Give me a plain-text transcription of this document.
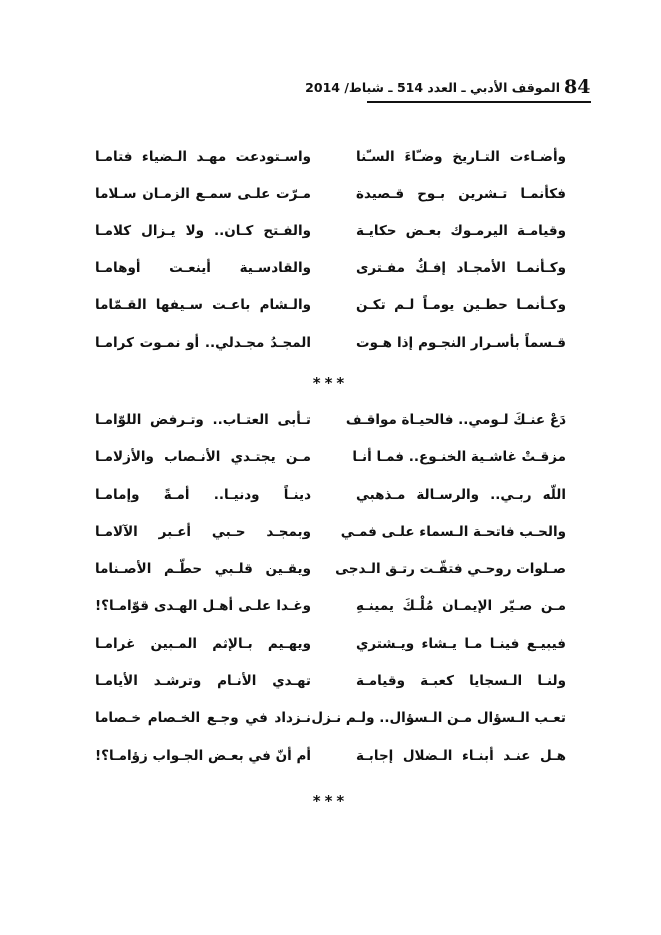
84
الموقف الأدبي ـ العدد 514 ـ شباط/ 2014
وأضـاءت التـاريخ وضـّاءَ السـّنا
واسـتودعت مهـد الـضياء فتامـا
فكأنمـا تـشرين بـوح قـصيدة
مـرّت علـى سمـع الزمـان سـلاما
وقيامـة اليرمـوك بعـض حكايـة
والفـتح كـان.. ولا يـزال كلامـا
وكـأنمـا الأمجـاد إفـكٌ مفـترى
والقادسـية أينعـت أوهامـا
وكـأنمـا حطـين يومـاً لـم تكـن
والـشام باعـت سـيفها القـمّاما
قـسماً بأسـرار النجـوم إذا هـوت
المجـدُ مجـدلي.. أو نمـوت كرامـا
***
دَعْ عنـكَ لـومي.. فالحيـاة مواقـف
تـأبى العتـاب.. وتـرفض اللوّامـا
مزقـتْ غاشـية الخنـوع.. فمـا أنـا
مـن يجتـدي الأنـصاب والأزلامـا
اللّه ربـي.. والرسـالة مـذهبي
دينـاً ودنيـا.. أمـةً وإمامـا
والحـب فاتحـة الـسماء علـى فمـي
وبمجـد حـبي أعـبر الآلامـا
صـلوات روحـي فتقّـت رتـق الـدجى
ويقـين قلـبي حطّـم الأصـناما
مـن صـيّر الإيمـان مُلْـكَ يمينـهِ
وغـدا علـى أهـل الهـدى قوّامـا؟!
فيبيـع فينـا مـا يـشاء ويـشتري
ويهـيم بـالإثم المـبين غرامـا
ولنـا الـسجايا كعبـة وقيامـة
تهـدي الأنـام وترشـد الأيامـا
تعـب الـسؤال مـن الـسؤال.. ولـم نـزل
نـزداد في وجـع الخـصام خـصاما
هـل عنـد أبنـاء الـضلال إجابـة
أم أنّ في بعـض الجـواب زؤامـا؟!
***
